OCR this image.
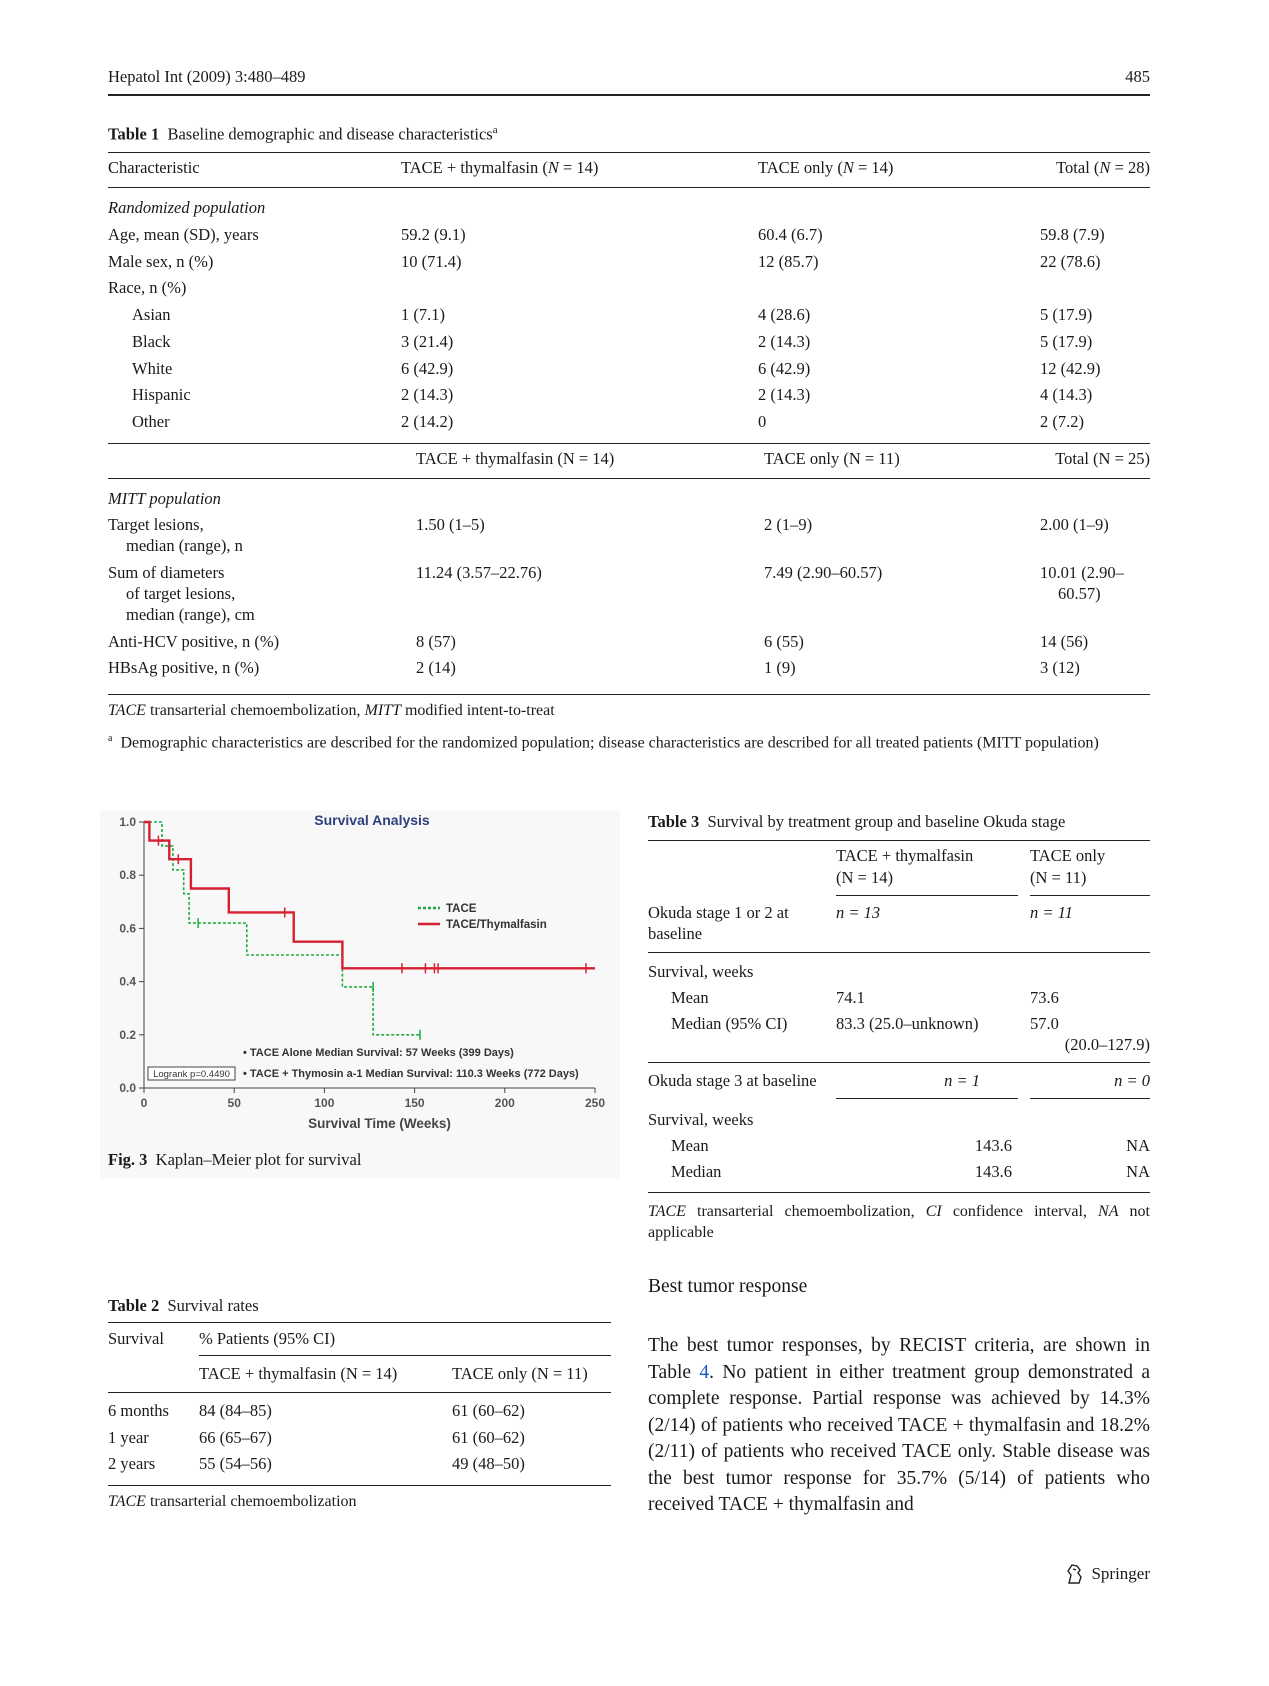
Hepatol Int (2009) 3:480–489	485
Table 1 Baseline demographic and disease characteristics$^a$
Characteristic	TACE + thymalfasin (N = 14)	TACE only (N = 14)	Total (N = 28)
Randomized population
Age, mean (SD), years	59.2 (9.1)	60.4 (6.7)	59.8 (7.9)
Male sex, n (%)	10 (71.4)	12 (85.7)	22 (78.6)
Race, n (%)
Asian	1 (7.1)	4 (28.6)	5 (17.9)
Black	3 (21.4)	2 (14.3)	5 (17.9)
White	6 (42.9)	6 (42.9)	12 (42.9)
Hispanic	2 (14.3)	2 (14.3)	4 (14.3)
Other	2 (14.2)	0	2 (7.2)
TACE + thymalfasin (N = 14)	TACE only (N = 11)	Total (N = 25)
MITT population
Target lesions,
median (range), n
1.50 (1–5)	2 (1–9)	2.00 (1–9)
Sum of diameters
of target lesions,
median (range), cm
11.24 (3.57–22.76)	7.49 (2.90–60.57)	10.01 (2.90–
60.57)
Anti-HCV positive, n (%)	8 (57)	6 (55)	14 (56)
HBsAg positive, n (%)	2 (14)	1 (9)	3 (12)
TACE transarterial chemoembolization, MITT modified intent-to-treat
$^a$ Demographic characteristics are described for the randomized population; disease characteristics are described for all treated patients (MITT population)
Survival Analysis
0.0
0.2
0.4
0.6
0.8
1.0
0	50	100	150	200	250
Survival Time (Weeks)
TACE
TACE/Thymalfasin
• TACE Alone Median Survival: 57 Weeks (399 Days)
• TACE + Thymosin a-1 Median Survival: 110.3 Weeks (772 Days)
Logrank p=0.4490
Fig. 3 Kaplan–Meier plot for survival
Table 2 Survival rates
Survival % Patients (95% CI)
TACE + thymalfasin (N = 14)	TACE only (N = 11)
6 months 84 (84–85)	61 (60–62)
1 year	66 (65–67)	61 (60–62)
2 years	55 (54–56)	49 (48–50)
TACE transarterial chemoembolization
Table 3 Survival by treatment group and baseline Okuda stage
TACE + thymalfasin
(N = 14)
TACE only
(N = 11)
Okuda stage 1 or 2 at
baseline
n = 13	n = 11
Survival, weeks
Mean	74.1	73.6
Median (95% CI)	83.3 (25.0–unknown)	57.0
(20.0–127.9)
Okuda stage 3 at baseline	n = 1	n = 0
Survival, weeks
Mean	143.6	NA
Median	143.6	NA
TACE transarterial chemoembolization, CI confidence interval, NA not applicable
Best tumor response
The best tumor responses, by RECIST criteria, are shown in Table 4. No patient in either treatment group demonstrated a complete response. Partial response was achieved by 14.3% (2/14) of patients who received TACE + thymalfasin and 18.2% (2/11) of patients who received TACE only. Stable disease was the best tumor response for 35.7% (5/14) of patients who received TACE + thymalfasin and
Springer
